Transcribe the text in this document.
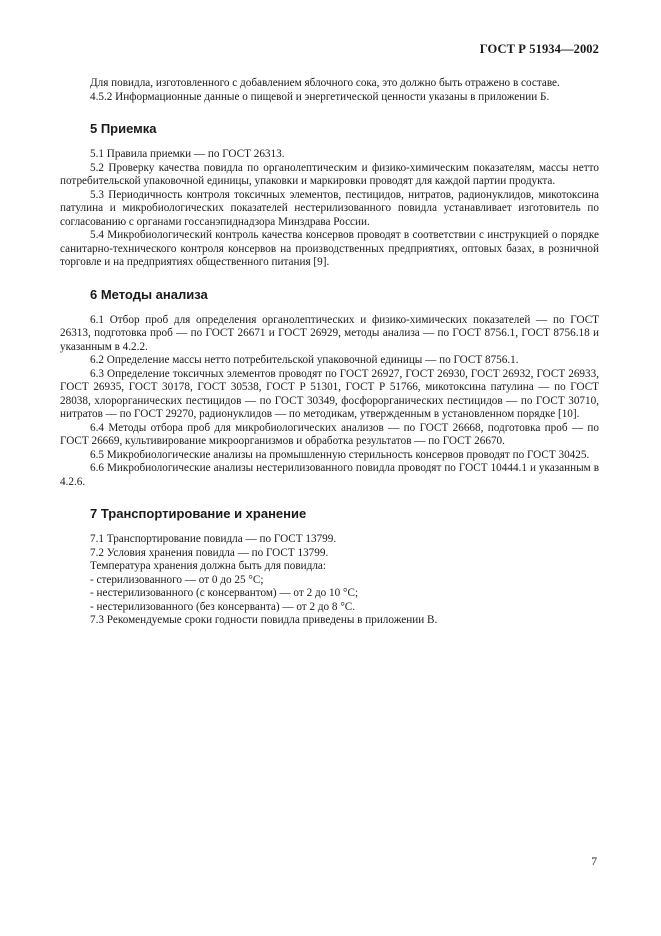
ГОСТ Р 51934—2002

Для повидла, изготовленного с добавлением яблочного сока, это должно быть отражено в составе.

4.5.2 Информационные данные о пищевой и энергетической ценности указаны в приложении Б.

5 Приемка

5.1 Правила приемки — по ГОСТ 26313.

5.2 Проверку качества повидла по органолептическим и физико-химическим показателям, массы нетто потребительской упаковочной единицы, упаковки и маркировки проводят для каждой партии продукта.

5.3 Периодичность контроля токсичных элементов, пестицидов, нитратов, радионуклидов, микотоксина патулина и микробиологических показателей нестерилизованного повидла устанавливает изготовитель по согласованию с органами госсанэпиднадзора Минздрава России.

5.4 Микробиологический контроль качества консервов проводят в соответствии с инструкцией о порядке санитарно-технического контроля консервов на производственных предприятиях, оптовых базах, в розничной торговле и на предприятиях общественного питания [9].

6 Методы анализа

6.1 Отбор проб для определения органолептических и физико-химических показателей — по ГОСТ 26313, подготовка проб — по ГОСТ 26671 и ГОСТ 26929, методы анализа — по ГОСТ 8756.1, ГОСТ 8756.18 и указанным в 4.2.2.

6.2 Определение массы нетто потребительской упаковочной единицы — по ГОСТ 8756.1.

6.3 Определение токсичных элементов проводят по ГОСТ 26927, ГОСТ 26930, ГОСТ 26932, ГОСТ 26933, ГОСТ 26935, ГОСТ 30178, ГОСТ 30538, ГОСТ Р 51301, ГОСТ Р 51766, микотоксина патулина — по ГОСТ 28038, хлорорганических пестицидов — по ГОСТ 30349, фосфорорганических пестицидов — по ГОСТ 30710, нитратов — по ГОСТ 29270, радионуклидов — по методикам, утвержденным в установленном порядке [10].

6.4 Методы отбора проб для микробиологических анализов — по ГОСТ 26668, подготовка проб — по ГОСТ 26669, культивирование микроорганизмов и обработка результатов — по ГОСТ 26670.

6.5 Микробиологические анализы на промышленную стерильность консервов проводят по ГОСТ 30425.

6.6 Микробиологические анализы нестерилизованного повидла проводят по ГОСТ 10444.1 и указанным в 4.2.6.

7 Транспортирование и хранение

7.1 Транспортирование повидла — по ГОСТ 13799.

7.2 Условия хранения повидла — по ГОСТ 13799.

Температура хранения должна быть для повидла:

- стерилизованного — от 0 до 25 °С;

- нестерилизованного (с консервантом) — от 2 до 10 °С;

- нестерилизованного (без консерванта) — от 2 до 8 °С.

7.3 Рекомендуемые сроки годности повидла приведены в приложении В.

7
